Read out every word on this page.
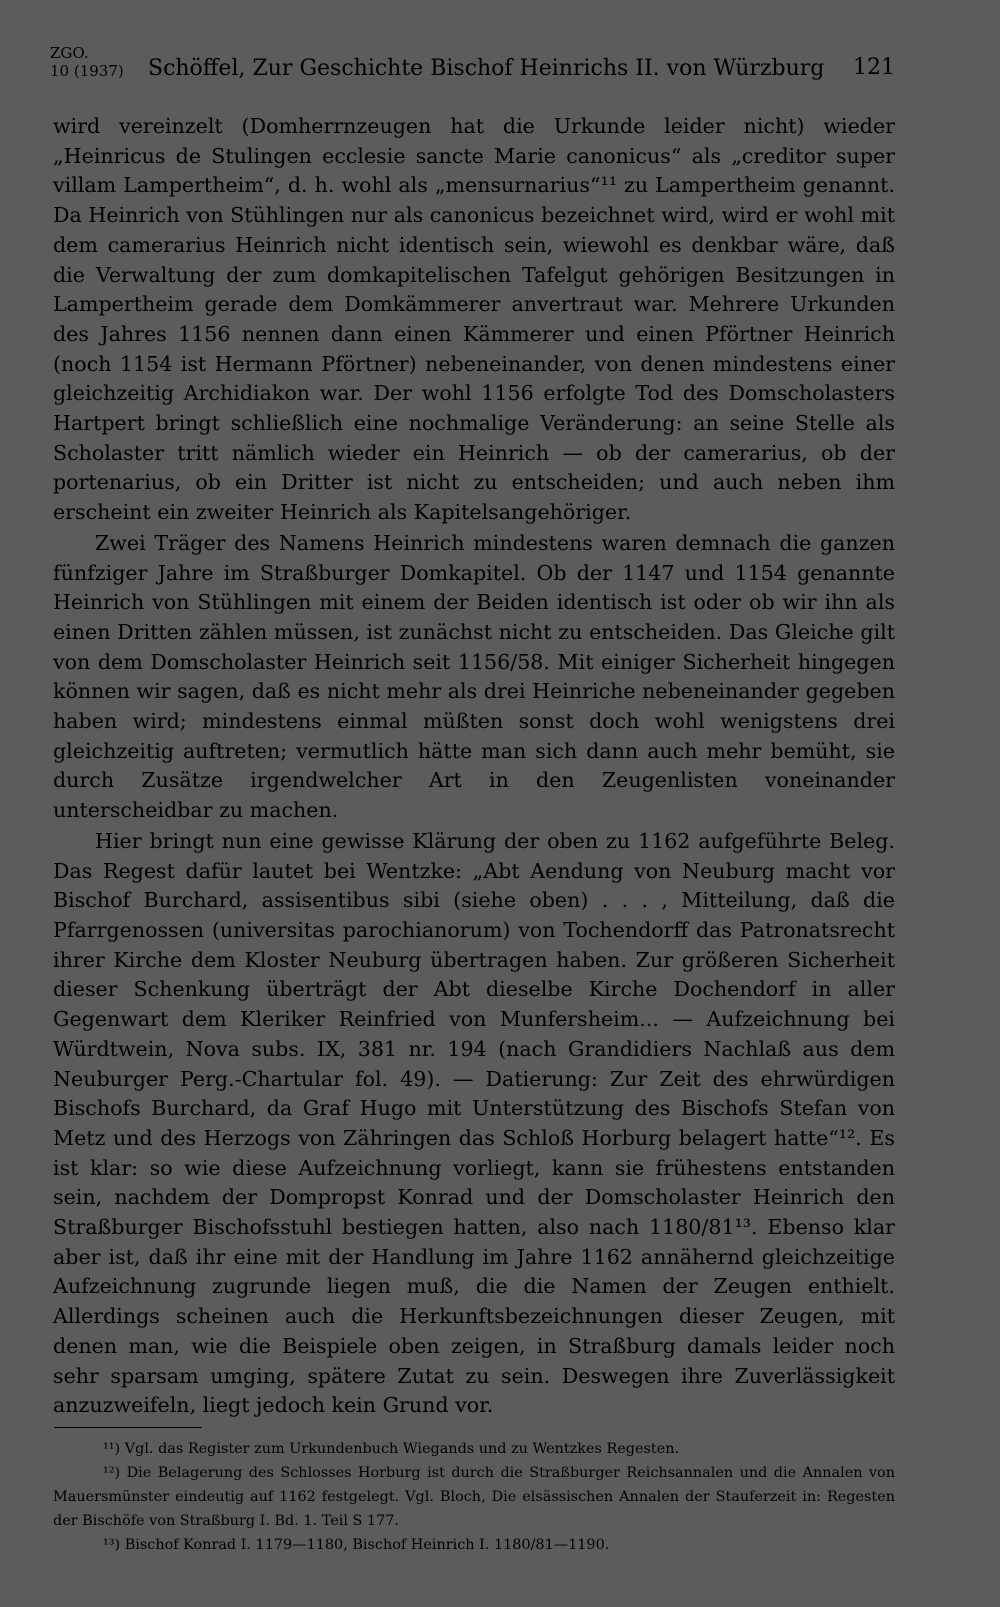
ZGO.
10 (1937) Schöffel, Zur Geschichte Bischof Heinrichs II. von Würzburg 121

wird vereinzelt (Domherrnzeugen hat die Urkunde leider nicht) wieder „Heinricus de Stulingen ecclesie sancte Marie canonicus“ als „creditor super villam Lampertheim“, d. h. wohl als „mensurnarius“¹¹ zu Lampertheim genannt. Da Heinrich von Stühlingen nur als canonicus bezeichnet wird, wird er wohl mit dem camerarius Heinrich nicht identisch sein, wiewohl es denkbar wäre, daß die Verwaltung der zum domkapitelischen Tafelgut gehörigen Besitzungen in Lampertheim gerade dem Domkämmerer anvertraut war. Mehrere Urkunden des Jahres 1156 nennen dann einen Kämmerer und einen Pförtner Heinrich (noch 1154 ist Hermann Pförtner) nebeneinander, von denen mindestens einer gleichzeitig Archidiakon war. Der wohl 1156 erfolgte Tod des Domscholasters Hartpert bringt schließlich eine nochmalige Veränderung: an seine Stelle als Scholaster tritt nämlich wieder ein Heinrich — ob der camerarius, ob der portenarius, ob ein Dritter ist nicht zu entscheiden; und auch neben ihm erscheint ein zweiter Heinrich als Kapitelsangehöriger.

Zwei Träger des Namens Heinrich mindestens waren demnach die ganzen fünfziger Jahre im Straßburger Domkapitel. Ob der 1147 und 1154 genannte Heinrich von Stühlingen mit einem der Beiden identisch ist oder ob wir ihn als einen Dritten zählen müssen, ist zunächst nicht zu entscheiden. Das Gleiche gilt von dem Domscholaster Heinrich seit 1156/58. Mit einiger Sicherheit hingegen können wir sagen, daß es nicht mehr als drei Heinriche nebeneinander gegeben haben wird; mindestens einmal müßten sonst doch wohl wenigstens drei gleichzeitig auftreten; vermutlich hätte man sich dann auch mehr bemüht, sie durch Zusätze irgendwelcher Art in den Zeugenlisten voneinander unterscheidbar zu machen.

Hier bringt nun eine gewisse Klärung der oben zu 1162 aufgeführte Beleg. Das Regest dafür lautet bei Wentzke: „Abt Aendung von Neuburg macht vor Bischof Burchard, assisentibus sibi (siehe oben) . . . , Mitteilung, daß die Pfarrgenossen (universitas parochianorum) von Tochendorff das Patronatsrecht ihrer Kirche dem Kloster Neuburg übertragen haben. Zur größeren Sicherheit dieser Schenkung überträgt der Abt dieselbe Kirche Dochendorf in aller Gegenwart dem Kleriker Reinfried von Munfersheim... — Aufzeichnung bei Würdtwein, Nova subs. IX, 381 nr. 194 (nach Grandidiers Nachlaß aus dem Neuburger Perg.-Chartular fol. 49). — Datierung: Zur Zeit des ehrwürdigen Bischofs Burchard, da Graf Hugo mit Unterstützung des Bischofs Stefan von Metz und des Herzogs von Zähringen das Schloß Horburg belagert hatte“¹². Es ist klar: so wie diese Aufzeichnung vorliegt, kann sie frühestens entstanden sein, nachdem der Dompropst Konrad und der Domscholaster Heinrich den Straßburger Bischofsstuhl bestiegen hatten, also nach 1180/81¹³. Ebenso klar aber ist, daß ihr eine mit der Handlung im Jahre 1162 annähernd gleichzeitige Aufzeichnung zugrunde liegen muß, die die Namen der Zeugen enthielt. Allerdings scheinen auch die Herkunftsbezeichnungen dieser Zeugen, mit denen man, wie die Beispiele oben zeigen, in Straßburg damals leider noch sehr sparsam umging, spätere Zutat zu sein. Deswegen ihre Zuverlässigkeit anzuzweifeln, liegt jedoch kein Grund vor.

¹¹) Vgl. das Register zum Urkundenbuch Wiegands und zu Wentzkes Regesten.

¹²) Die Belagerung des Schlosses Horburg ist durch die Straßburger Reichsannalen und die Annalen von Mauersmünster eindeutig auf 1162 festgelegt. Vgl. Bloch, Die elsässischen Annalen der Stauferzeit in: Regesten der Bischöfe von Straßburg I. Bd. 1. Teil S 177.

¹³) Bischof Konrad I. 1179—1180, Bischof Heinrich I. 1180/81—1190.
